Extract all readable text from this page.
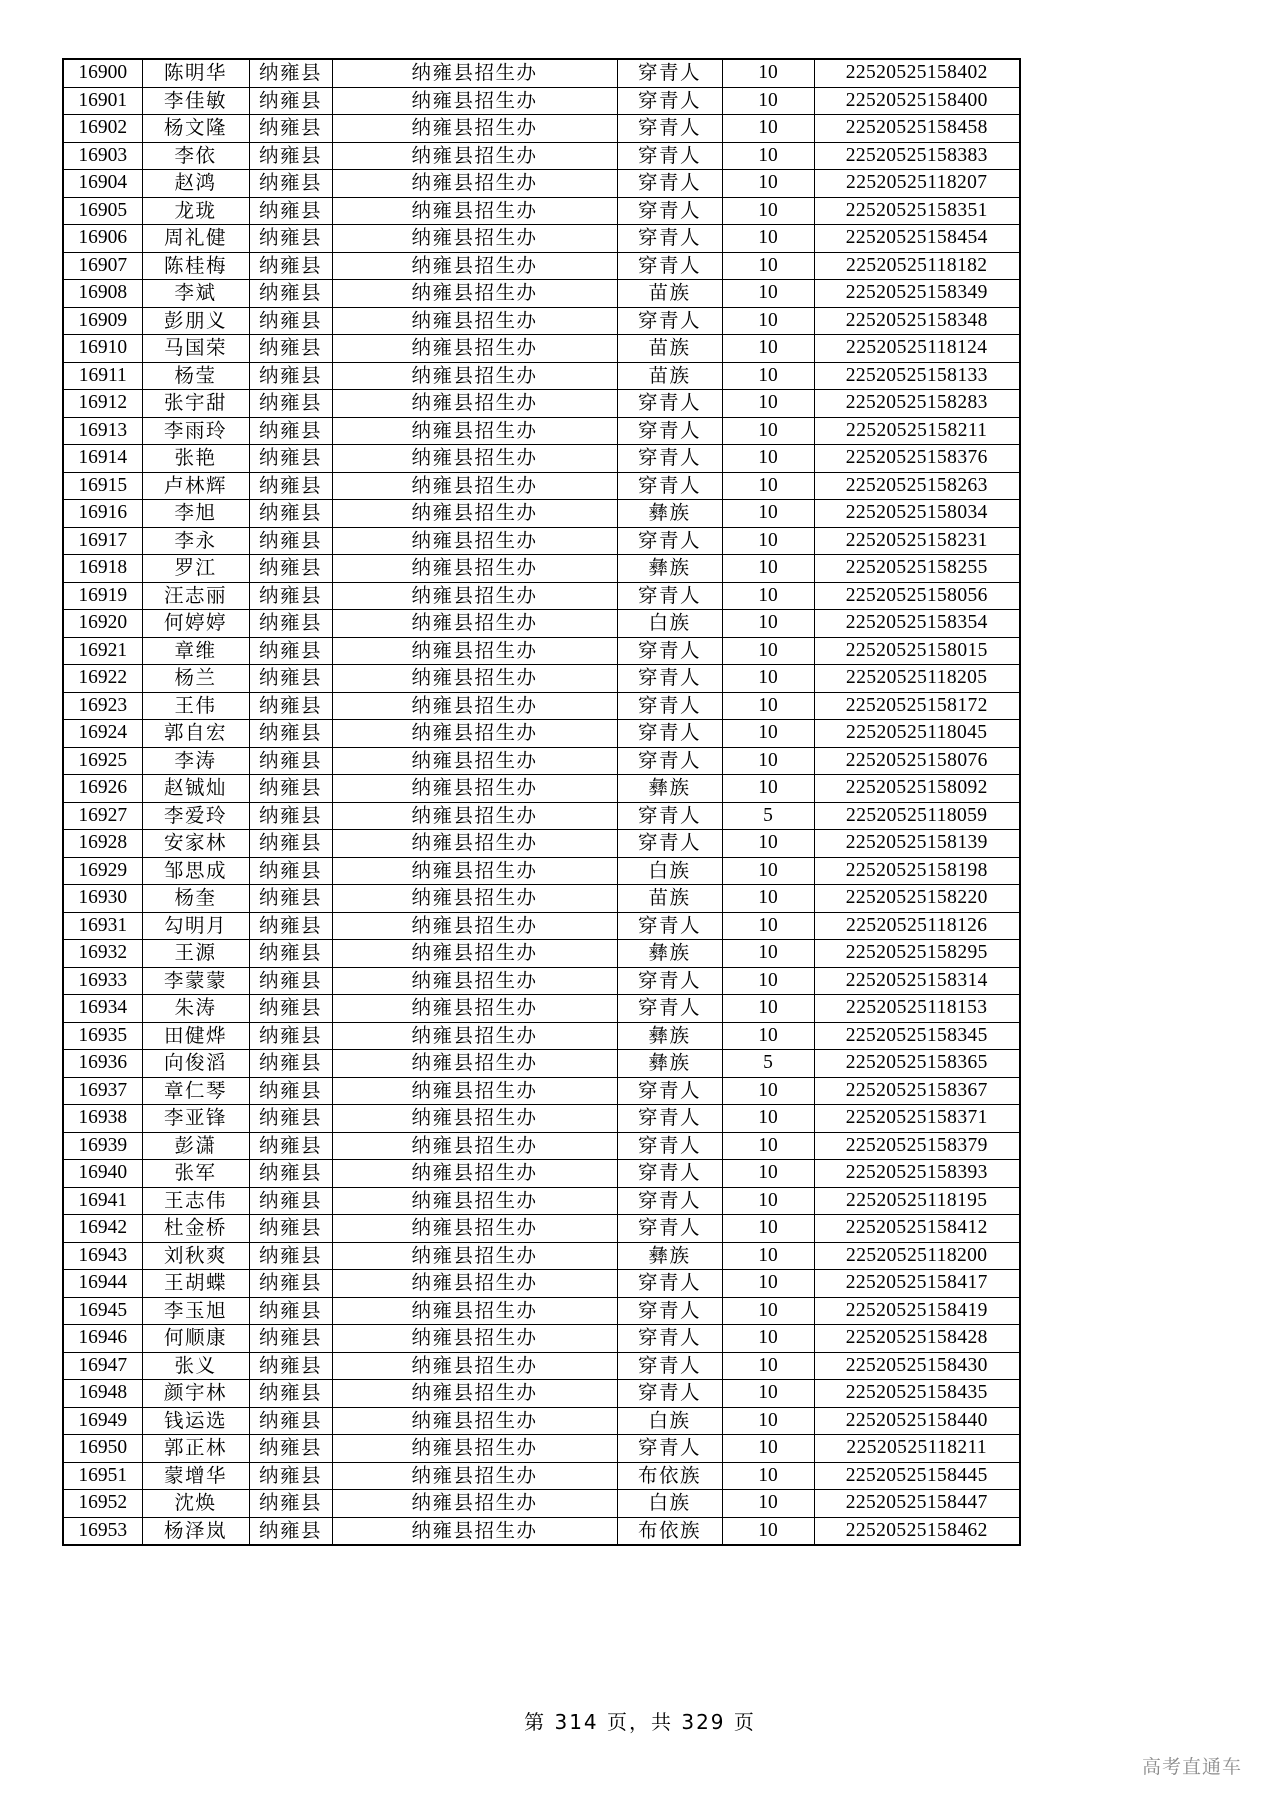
16900	陈明华	纳雍县	纳雍县招生办	穿青人	10	22520525158402
16901	李佳敏	纳雍县	纳雍县招生办	穿青人	10	22520525158400
16902	杨文隆	纳雍县	纳雍县招生办	穿青人	10	22520525158458
16903	李依	纳雍县	纳雍县招生办	穿青人	10	22520525158383
16904	赵鸿	纳雍县	纳雍县招生办	穿青人	10	22520525118207
16905	龙珑	纳雍县	纳雍县招生办	穿青人	10	22520525158351
16906	周礼健	纳雍县	纳雍县招生办	穿青人	10	22520525158454
16907	陈桂梅	纳雍县	纳雍县招生办	穿青人	10	22520525118182
16908	李斌	纳雍县	纳雍县招生办	苗族	10	22520525158349
16909	彭朋义	纳雍县	纳雍县招生办	穿青人	10	22520525158348
16910	马国荣	纳雍县	纳雍县招生办	苗族	10	22520525118124
16911	杨莹	纳雍县	纳雍县招生办	苗族	10	22520525158133
16912	张宇甜	纳雍县	纳雍县招生办	穿青人	10	22520525158283
16913	李雨玲	纳雍县	纳雍县招生办	穿青人	10	22520525158211
16914	张艳	纳雍县	纳雍县招生办	穿青人	10	22520525158376
16915	卢林辉	纳雍县	纳雍县招生办	穿青人	10	22520525158263
16916	李旭	纳雍县	纳雍县招生办	彝族	10	22520525158034
16917	李永	纳雍县	纳雍县招生办	穿青人	10	22520525158231
16918	罗江	纳雍县	纳雍县招生办	彝族	10	22520525158255
16919	汪志丽	纳雍县	纳雍县招生办	穿青人	10	22520525158056
16920	何婷婷	纳雍县	纳雍县招生办	白族	10	22520525158354
16921	章维	纳雍县	纳雍县招生办	穿青人	10	22520525158015
16922	杨兰	纳雍县	纳雍县招生办	穿青人	10	22520525118205
16923	王伟	纳雍县	纳雍县招生办	穿青人	10	22520525158172
16924	郭自宏	纳雍县	纳雍县招生办	穿青人	10	22520525118045
16925	李涛	纳雍县	纳雍县招生办	穿青人	10	22520525158076
16926	赵铖灿	纳雍县	纳雍县招生办	彝族	10	22520525158092
16927	李爱玲	纳雍县	纳雍县招生办	穿青人	5	22520525118059
16928	安家林	纳雍县	纳雍县招生办	穿青人	10	22520525158139
16929	邹思成	纳雍县	纳雍县招生办	白族	10	22520525158198
16930	杨奎	纳雍县	纳雍县招生办	苗族	10	22520525158220
16931	勾明月	纳雍县	纳雍县招生办	穿青人	10	22520525118126
16932	王源	纳雍县	纳雍县招生办	彝族	10	22520525158295
16933	李蒙蒙	纳雍县	纳雍县招生办	穿青人	10	22520525158314
16934	朱涛	纳雍县	纳雍县招生办	穿青人	10	22520525118153
16935	田健烨	纳雍县	纳雍县招生办	彝族	10	22520525158345
16936	向俊滔	纳雍县	纳雍县招生办	彝族	5	22520525158365
16937	章仁琴	纳雍县	纳雍县招生办	穿青人	10	22520525158367
16938	李亚锋	纳雍县	纳雍县招生办	穿青人	10	22520525158371
16939	彭潇	纳雍县	纳雍县招生办	穿青人	10	22520525158379
16940	张军	纳雍县	纳雍县招生办	穿青人	10	22520525158393
16941	王志伟	纳雍县	纳雍县招生办	穿青人	10	22520525118195
16942	杜金桥	纳雍县	纳雍县招生办	穿青人	10	22520525158412
16943	刘秋爽	纳雍县	纳雍县招生办	彝族	10	22520525118200
16944	王胡蝶	纳雍县	纳雍县招生办	穿青人	10	22520525158417
16945	李玉旭	纳雍县	纳雍县招生办	穿青人	10	22520525158419
16946	何顺康	纳雍县	纳雍县招生办	穿青人	10	22520525158428
16947	张义	纳雍县	纳雍县招生办	穿青人	10	22520525158430
16948	颜宇林	纳雍县	纳雍县招生办	穿青人	10	22520525158435
16949	钱运选	纳雍县	纳雍县招生办	白族	10	22520525158440
16950	郭正林	纳雍县	纳雍县招生办	穿青人	10	22520525118211
16951	蒙增华	纳雍县	纳雍县招生办	布依族	10	22520525158445
16952	沈焕	纳雍县	纳雍县招生办	白族	10	22520525158447
16953	杨泽岚	纳雍县	纳雍县招生办	布依族	10	22520525158462
第 314 页，共 329 页
高考直通车
